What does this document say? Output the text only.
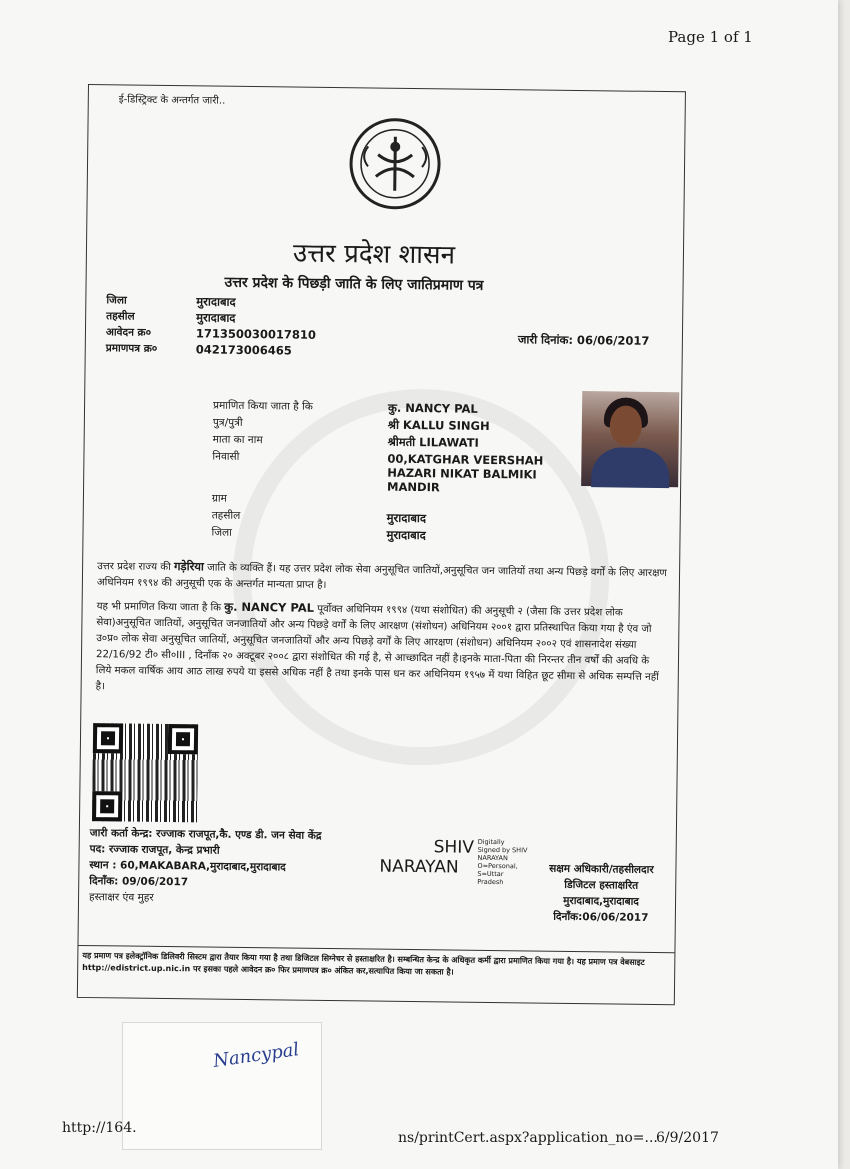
Page 1 of 1
ई-डिस्ट्रिक्ट के अन्तर्गत जारी..
उत्तर प्रदेश शासन
उत्तर प्रदेश के पिछड़ी जाति के लिए जातिप्रमाण पत्र
जिला	मुरादाबाद
तहसील	मुरादाबाद
आवेदन क्र०	171350030017810
प्रमाणपत्र क्र०	042173006465
जारी दिनांक: 06/06/2017
प्रमाणित किया जाता है कि	कु. NANCY PAL
पुत्र/पुत्री	श्री KALLU SINGH
माता का नाम	श्रीमती LILAWATI
निवासी	00,KATGHAR VEERSHAH HAZARI NIKAT BALMIKI MANDIR
ग्राम
तहसील	मुरादाबाद
जिला	मुरादाबाद
उत्तर प्रदेश राज्य की गड़ेरिया जाति के व्यक्ति हैं। यह उत्तर प्रदेश लोक सेवा अनुसूचित जातियों,अनुसूचित जन जातियों तथा अन्य पिछड़े वर्गों के लिए आरक्षण अधिनियम १९९४ की अनुसूची एक के अन्तर्गत मान्यता प्राप्त है।
यह भी प्रमाणित किया जाता है कि कु. NANCY PAL पूर्वोक्त अधिनियम १९९४ (यथा संशोधित) की अनुसूची २ (जैसा कि उत्तर प्रदेश लोक सेवा)अनुसूचित जातियों, अनुसूचित जनजातियों और अन्य पिछड़े वर्गों के लिए आरक्षण (संशोधन) अधिनियम २००१ द्वारा प्रतिस्थापित किया गया है एंव जो उ०प्र० लोक सेवा अनुसूचित जातियों, अनुसूचित जनजातियों और अन्य पिछड़े वर्गों के लिए आरक्षण (संशोधन) अधिनियम २००२ एवं शासनादेश संख्या 22/16/92 टी० सी०III , दिनाँक २० अक्टूबर २००८ द्वारा संशोधित की गई है, से आच्छादित नहीं है।इनके माता-पिता की निरन्तर तीन वर्षों की अवधि के लिये मकल वार्षिक आय आठ लाख रुपये या इससे अधिक नहीं है तथा इनके पास धन कर अधिनियम १९५७ में यथा विहित छूट सीमा से अधिक सम्पत्ति नहीं है।
जारी कर्ता केन्द्र: रज्जाक राजपूत,कै. एण्ड डी. जन सेवा केंद्र
पद: रज्जाक राजपूत, केन्द्र प्रभारी
स्थान : 60,MAKABARA,मुरादाबाद,मुरादाबाद
दिनाँक: 09/06/2017
हस्ताक्षर एंव मुहर
SHIV
NARAYAN
Digitally Signed by SHIV NARAYAN O=Personal, S=Uttar Pradesh
सक्षम अधिकारी/तहसीलदार
डिजिटल हस्ताक्षरित
मुरादाबाद,मुरादाबाद
दिनाँक:06/06/2017
यह प्रमाण पत्र इलेक्ट्रॉनिक डिलिवरी सिस्टम द्वारा तैयार किया गया है तथा डिजिटल सिग्नेचर से हस्ताक्षरित है। सम्बन्धित केन्द्र के अधिकृत कर्मी द्वारा प्रमाणित किया गया है। यह प्रमाण पत्र वेबसाइट http://edistrict.up.nic.in पर इसका पहले आवेदन क्र० फिर प्रमाणपत्र क्र० अंकित कर,सत्यापित किया जा सकता है।
Nancypal
http://164.
ns/printCert.aspx?application_no=...
6/9/2017
